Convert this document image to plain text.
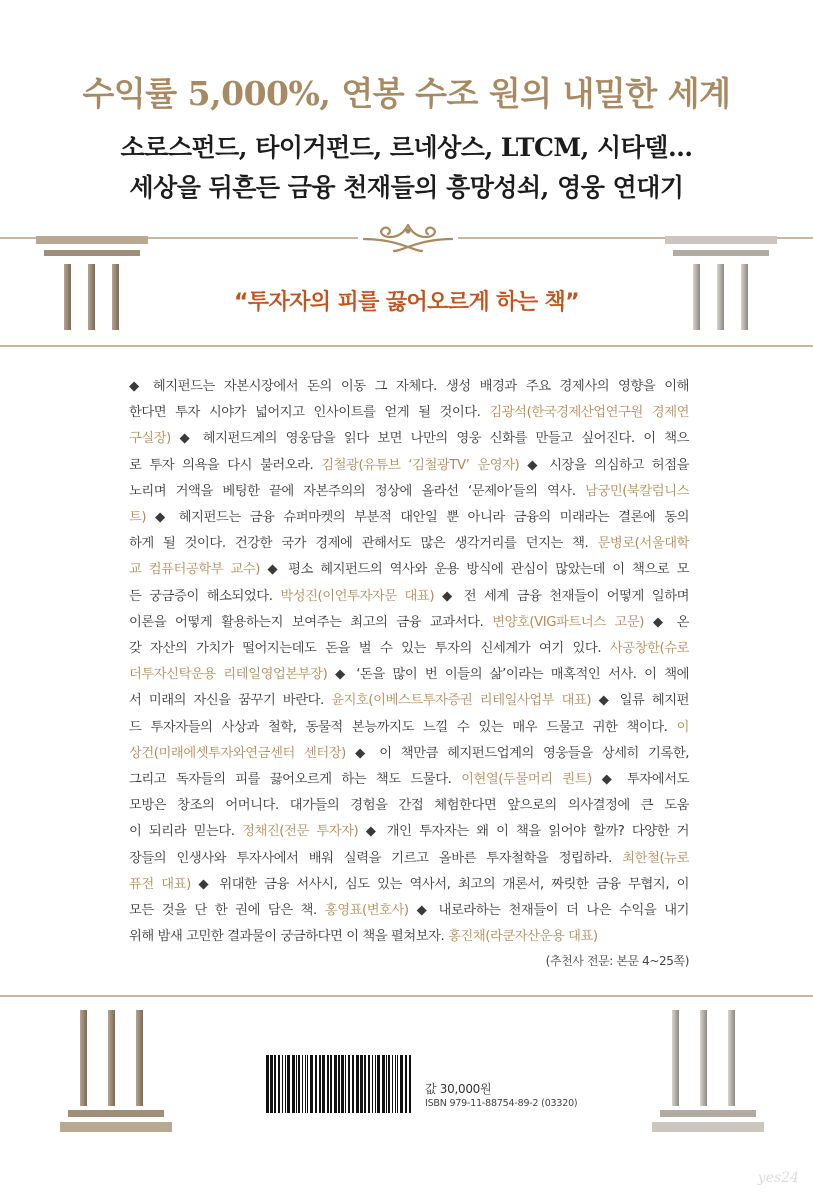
수익률 5,000%, 연봉 수조 원의 내밀한 세계
소로스펀드, 타이거펀드, 르네상스, LTCM, 시타델…
세상을 뒤흔든 금융 천재들의 흥망성쇠, 영웅 연대기
“투자자의 피를 끓어오르게 하는 책”
◆ 헤지펀드는 자본시장에서 돈의 이동 그 자체다. 생성 배경과 주요 경제사의 영향을 이해
한다면 투자 시야가 넓어지고 인사이트를 얻게 될 것이다. 김광석(한국경제산업연구원 경제연
구실장) ◆ 헤지펀드계의 영웅담을 읽다 보면 나만의 영웅 신화를 만들고 싶어진다. 이 책으
로 투자 의욕을 다시 불러오라. 김철광(유튜브 ‘김철광TV’ 운영자) ◆ 시장을 의심하고 허점을
노리며 거액을 베팅한 끝에 자본주의의 정상에 올라선 ‘문제아’들의 역사. 남궁민(북칼럼니스
트) ◆ 헤지펀드는 금융 슈퍼마켓의 부분적 대안일 뿐 아니라 금융의 미래라는 결론에 동의
하게 될 것이다. 건강한 국가 경제에 관해서도 많은 생각거리를 던지는 책. 문병로(서울대학
교 컴퓨터공학부 교수) ◆ 평소 헤지펀드의 역사와 운용 방식에 관심이 많았는데 이 책으로 모
든 궁금증이 해소되었다. 박성진(이언투자자문 대표) ◆ 전 세계 금융 천재들이 어떻게 일하며
이론을 어떻게 활용하는지 보여주는 최고의 금융 교과서다. 변양호(VIG파트너스 고문) ◆ 온
갖 자산의 가치가 떨어지는데도 돈을 벌 수 있는 투자의 신세계가 여기 있다. 사공창한(슈로
더투자신탁운용 리테일영업본부장) ◆ ‘돈을 많이 번 이들의 삶’이라는 매혹적인 서사. 이 책에
서 미래의 자신을 꿈꾸기 바란다. 윤지호(이베스트투자증권 리테일사업부 대표) ◆ 일류 헤지펀
드 투자자들의 사상과 철학, 동물적 본능까지도 느낄 수 있는 매우 드물고 귀한 책이다. 이
상건(미래에셋투자와연금센터 센터장) ◆ 이 책만큼 헤지펀드업계의 영웅들을 상세히 기록한,
그리고 독자들의 피를 끓어오르게 하는 책도 드물다. 이현열(두물머리 퀀트) ◆ 투자에서도
모방은 창조의 어머니다. 대가들의 경험을 간접 체험한다면 앞으로의 의사결정에 큰 도움
이 되리라 믿는다. 정채진(전문 투자자) ◆ 개인 투자자는 왜 이 책을 읽어야 할까? 다양한 거
장들의 인생사와 투자사에서 배워 실력을 기르고 올바른 투자철학을 정립하라. 최한철(뉴로
퓨전 대표) ◆ 위대한 금융 서사시, 심도 있는 역사서, 최고의 개론서, 짜릿한 금융 무협지, 이
모든 것을 단 한 권에 담은 책. 홍영표(변호사) ◆ 내로라하는 천재들이 더 나은 수익을 내기
위해 밤새 고민한 결과물이 궁금하다면 이 책을 펼쳐보자. 홍진채(라쿤자산운용 대표)
(추천사 전문: 본문 4~25쪽)
값 30,000원
ISBN 979-11-88754-89-2 (03320)
yes24
